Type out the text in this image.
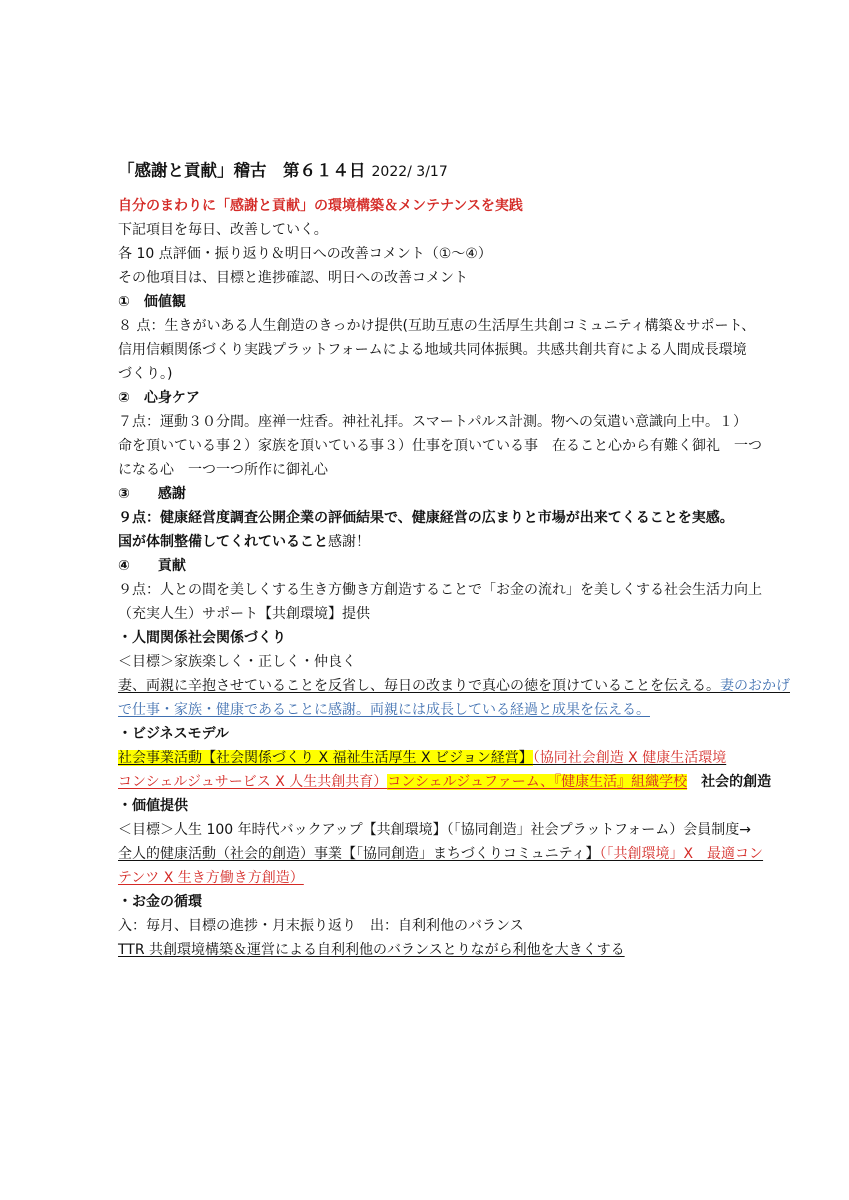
「感謝と貢献」稽古　第６１４日 2022/ 3/17
自分のまわりに「感謝と貢献」の環境構築＆メンテナンスを実践
下記項目を毎日、改善していく。
各 10 点評価・振り返り＆明日への改善コメント（①～④）
その他項目は、目標と進捗確認、明日への改善コメント
①　価値観
８ 点：生きがいある人生創造のきっかけ提供(互助互恵の生活厚生共創コミュニティ構築＆サポート、
信用信頼関係づくり実践プラットフォームによる地域共同体振興。共感共創共育による人間成長環境
づくり。)
②　心身ケア
７点：運動３０分間。座禅一炷香。神社礼拝。スマートパルス計測。物への気遣い意識向上中。１）
命を頂いている事２）家族を頂いている事３）仕事を頂いている事　在ること心から有難く御礼　一つ
になる心　一つ一つ所作に御礼心
③　　感謝
９点：健康経営度調査公開企業の評価結果で、健康経営の広まりと市場が出来てくることを実感。
国が体制整備してくれていること感謝！
④　　貢献
９点：人との間を美しくする生き方働き方創造することで「お金の流れ」を美しくする社会生活力向上
（充実人生）サポート【共創環境】提供
・人間関係社会関係づくり
＜目標＞家族楽しく・正しく・仲良く
妻、両親に辛抱させていることを反省し、毎日の改まりで真心の徳を頂けていることを伝える。妻のおかげ
で仕事・家族・健康であることに感謝。両親には成長している経過と成果を伝える。
・ビジネスモデル
社会事業活動【社会関係づくり X 福祉生活厚生 X ビジョン経営】（協同社会創造 X 健康生活環境
コンシェルジュサービス X 人生共創共育）コンシェルジュファーム、『健康生活』組織学校　 社会的創造
・価値提供
＜目標＞人生 100 年時代バックアップ【共創環境】（「協同創造」社会プラットフォーム）会員制度→
全人的健康活動（社会的創造）事業【「協同創造」まちづくりコミュニティ】（「共創環境」X　最適コン
テンツ X 生き方働き方創造）
・お金の循環
入：毎月、目標の進捗・月末振り返り　出：自利利他のバランス
TTR 共創環境構築＆運営による自利利他のバランスとりながら利他を大きくする
